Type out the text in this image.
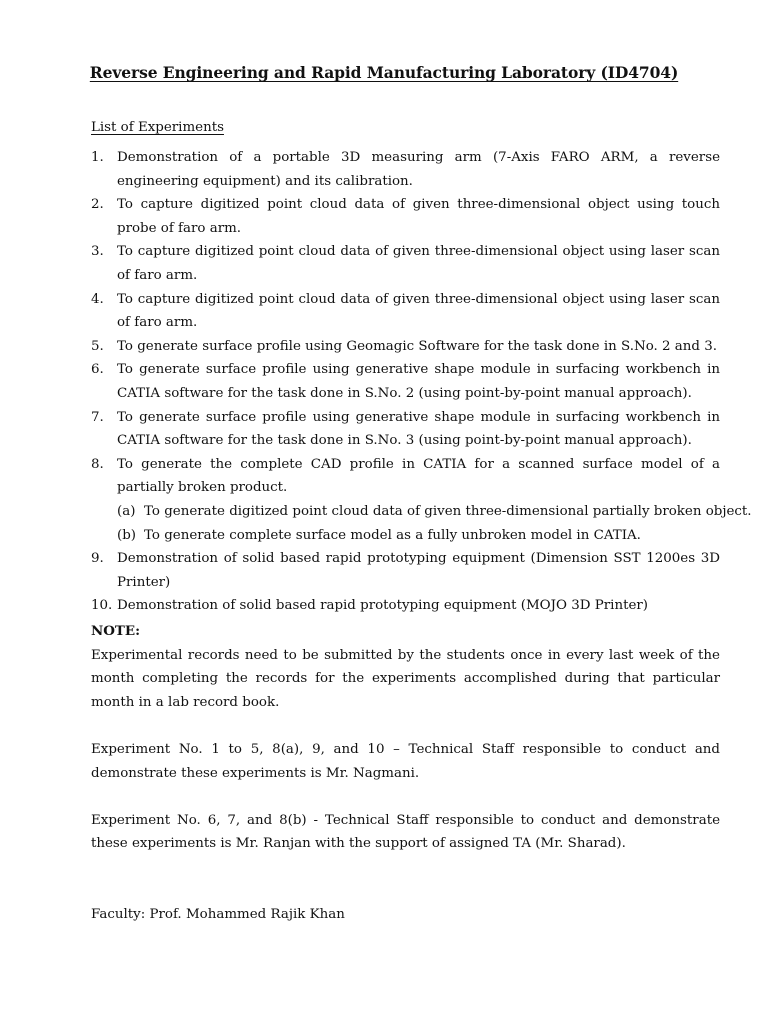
Reverse Engineering and Rapid Manufacturing Laboratory (ID4704)
List of Experiments
1. Demonstration of a portable 3D measuring arm (7-Axis FARO ARM, a reverse engineering equipment) and its calibration.
2. To capture digitized point cloud data of given three-dimensional object using touch probe of faro arm.
3. To capture digitized point cloud data of given three-dimensional object using laser scan of faro arm.
4. To capture digitized point cloud data of given three-dimensional object using laser scan of faro arm.
5. To generate surface profile using Geomagic Software for the task done in S.No. 2 and 3.
6. To generate surface profile using generative shape module in surfacing workbench in CATIA software for the task done in S.No. 2 (using point-by-point manual approach).
7. To generate surface profile using generative shape module in surfacing workbench in CATIA software for the task done in S.No. 3 (using point-by-point manual approach).
8. To generate the complete CAD profile in CATIA for a scanned surface model of a partially broken product.
(a) To generate digitized point cloud data of given three-dimensional partially broken object.
(b) To generate complete surface model as a fully unbroken model in CATIA.
9. Demonstration of solid based rapid prototyping equipment (Dimension SST 1200es 3D Printer)
10. Demonstration of solid based rapid prototyping equipment (MOJO 3D Printer)

NOTE:

Experimental records need to be submitted by the students once in every last week of the month completing the records for the experiments accomplished during that particular month in a lab record book.

Experiment No. 1 to 5, 8(a), 9, and 10 – Technical Staff responsible to conduct and demonstrate these experiments is Mr. Nagmani.

Experiment No. 6, 7, and 8(b) - Technical Staff responsible to conduct and demonstrate these experiments is Mr. Ranjan with the support of assigned TA (Mr. Sharad).

Faculty: Prof. Mohammed Rajik Khan
